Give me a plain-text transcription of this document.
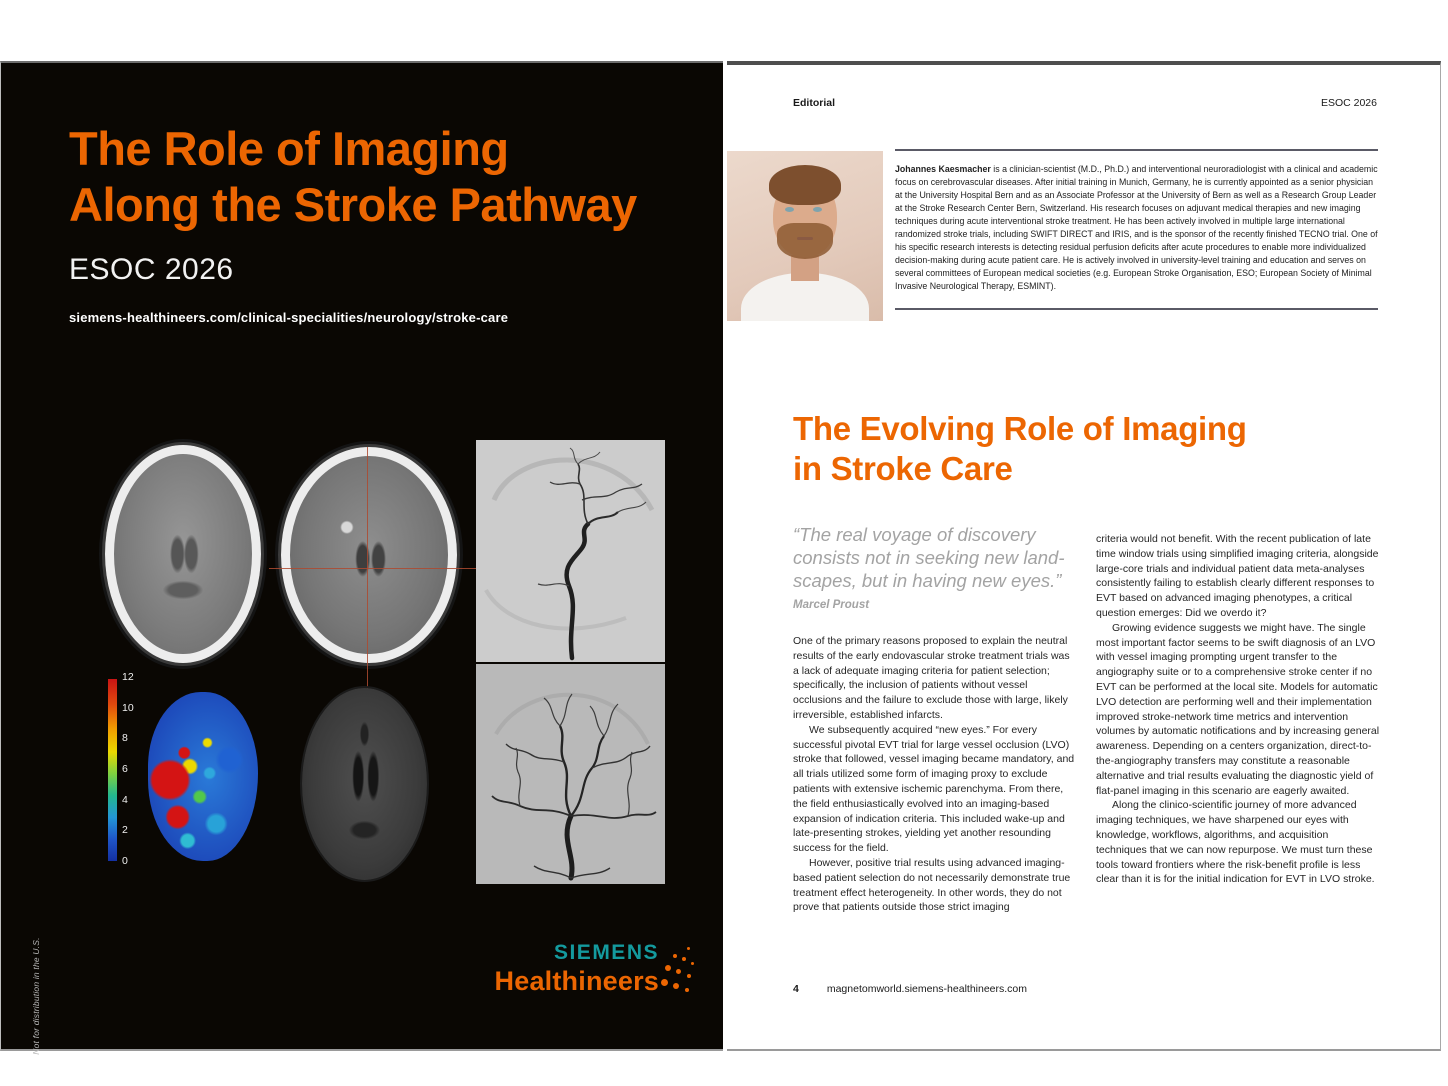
The Role of Imaging
Along the Stroke Pathway
ESOC 2026
siemens-healthineers.com/clinical-specialities/neurology/stroke-care
12
10
8
6
4
2
0
SIEMENS
Healthineers
Not for distribution in the U.S.
Editorial	ESOC 2026

Johannes Kaesmacher is a clinician-scientist (M.D., Ph.D.) and interventional neuroradiologist with a clinical and academic focus on cerebrovascular diseases. After initial training in Munich, Germany, he is currently appointed as a senior physician at the University Hospital Bern and as an Associate Professor at the University of Bern as well as a Research Group Leader at the Stroke Research Center Bern, Switzerland. His research focuses on adjuvant medical therapies and new imaging techniques during acute interventional stroke treatment. He has been actively involved in multiple large international randomized stroke trials, including SWIFT DIRECT and IRIS, and is the sponsor of the recently finished TECNO trial. One of his specific research interests is detecting residual perfusion deficits after acute procedures to enable more individualized decision-making during acute patient care. He is actively involved in university-level training and education and serves on several committees of European medical societies (e.g. European Stroke Organisation, ESO; European Society of Minimal Invasive Neurological Therapy, ESMINT).

The Evolving Role of Imaging
in Stroke Care
“The real voyage of discovery
consists not in seeking new land-
scapes, but in having new eyes.”
Marcel Proust

One of the primary reasons proposed to explain the neutral results of the early endovascular stroke treatment trials was a lack of adequate imaging criteria for patient selection; specifically, the inclusion of patients without vessel occlusions and the failure to exclude those with large, likely irreversible, established infarcts.

We subsequently acquired “new eyes.” For every successful pivotal EVT trial for large vessel occlusion (LVO) stroke that followed, vessel imaging became mandatory, and all trials utilized some form of imaging proxy to exclude patients with extensive ischemic parenchyma. From there, the field enthusiastically evolved into an imaging-based expansion of indication criteria. This included wake-up and late-presenting strokes, yielding yet another resounding success for the field.

However, positive trial results using advanced imaging-based patient selection do not necessarily demonstrate true treatment effect heterogeneity. In other words, they do not prove that patients outside those strict imaging

criteria would not benefit. With the recent publication of late time window trials using simplified imaging criteria, alongside large-core trials and individual patient data meta-analyses consistently failing to establish clearly different responses to EVT based on advanced imaging phenotypes, a critical question emerges: Did we overdo it?

Growing evidence suggests we might have. The single most important factor seems to be swift diagnosis of an LVO with vessel imaging prompting urgent transfer to the angiography suite or to a comprehensive stroke center if no EVT can be performed at the local site. Models for automatic LVO detection are performing well and their implementation improved stroke-network time metrics and intervention volumes by automatic notifications and by increasing general awareness. Depending on a centers organization, direct-to-the-angiography transfers may constitute a reasonable alternative and trial results evaluating the diagnostic yield of flat-panel imaging in this scenario are eagerly awaited.

Along the clinico-scientific journey of more advanced imaging techniques, we have sharpened our eyes with knowledge, workflows, algorithms, and acquisition techniques that we can now repurpose. We must turn these tools toward frontiers where the risk-benefit profile is less clear than it is for the initial indication for EVT in LVO stroke.

4	magnetomworld.siemens-healthineers.com
